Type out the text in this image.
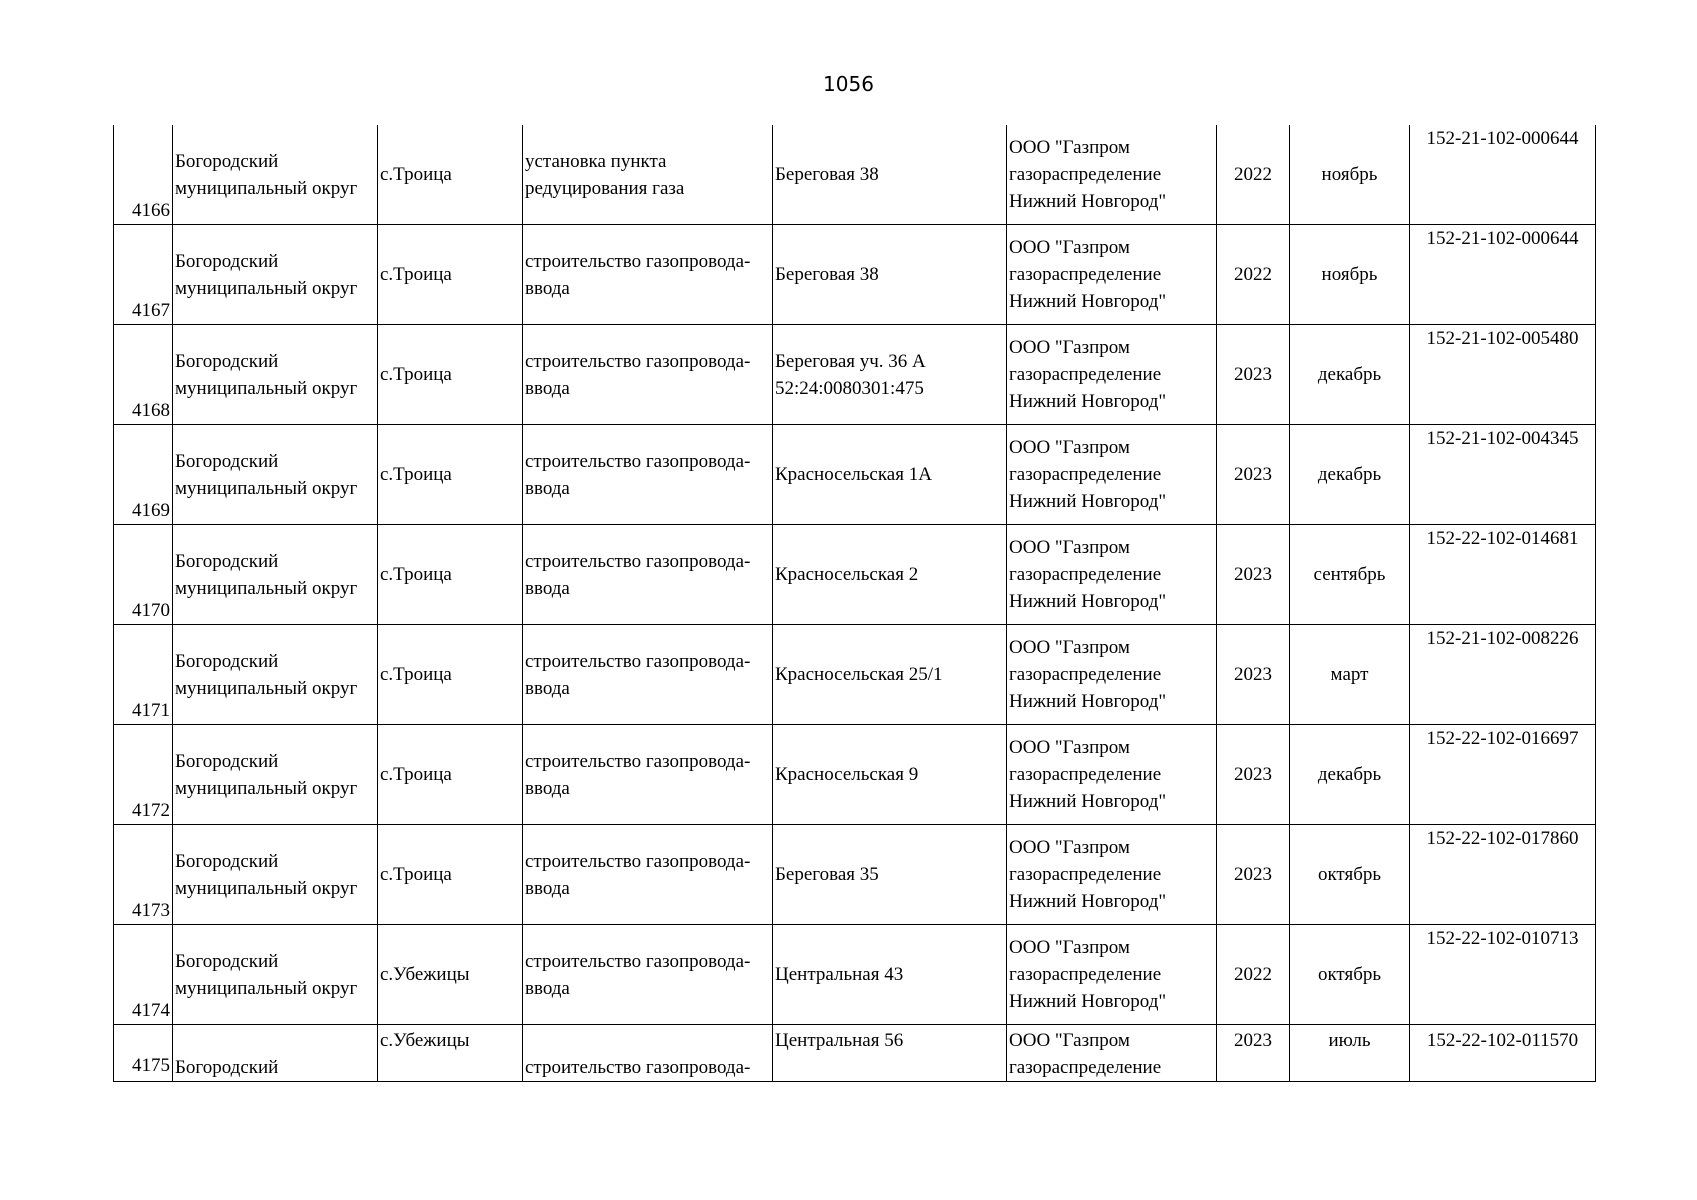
1056
4166	Богородский муниципальный округ	с.Троица	установка пункта редуцирования газа	Береговая 38	ООО "Газпром газораспределение Нижний Новгород"	2022	ноябрь	152-21-102-000644
4167	Богородский муниципальный округ	с.Троица	строительство газопровода-ввода	Береговая 38	ООО "Газпром газораспределение Нижний Новгород"	2022	ноябрь	152-21-102-000644
4168	Богородский муниципальный округ	с.Троица	строительство газопровода-ввода	Береговая уч. 36 А 52:24:0080301:475	ООО "Газпром газораспределение Нижний Новгород"	2023	декабрь	152-21-102-005480
4169	Богородский муниципальный округ	с.Троица	строительство газопровода-ввода	Красносельская 1А	ООО "Газпром газораспределение Нижний Новгород"	2023	декабрь	152-21-102-004345
4170	Богородский муниципальный округ	с.Троица	строительство газопровода-ввода	Красносельская 2	ООО "Газпром газораспределение Нижний Новгород"	2023	сентябрь	152-22-102-014681
4171	Богородский муниципальный округ	с.Троица	строительство газопровода-ввода	Красносельская 25/1	ООО "Газпром газораспределение Нижний Новгород"	2023	март	152-21-102-008226
4172	Богородский муниципальный округ	с.Троица	строительство газопровода-ввода	Красносельская 9	ООО "Газпром газораспределение Нижний Новгород"	2023	декабрь	152-22-102-016697
4173	Богородский муниципальный округ	с.Троица	строительство газопровода-ввода	Береговая 35	ООО "Газпром газораспределение Нижний Новгород"	2023	октябрь	152-22-102-017860
4174	Богородский муниципальный округ	с.Убежицы	строительство газопровода-ввода	Центральная 43	ООО "Газпром газораспределение Нижний Новгород"	2022	октябрь	152-22-102-010713
4175	Богородский	с.Убежицы	строительство газопровода-	Центральная 56	ООО "Газпром газораспределение	2023	июль	152-22-102-011570
